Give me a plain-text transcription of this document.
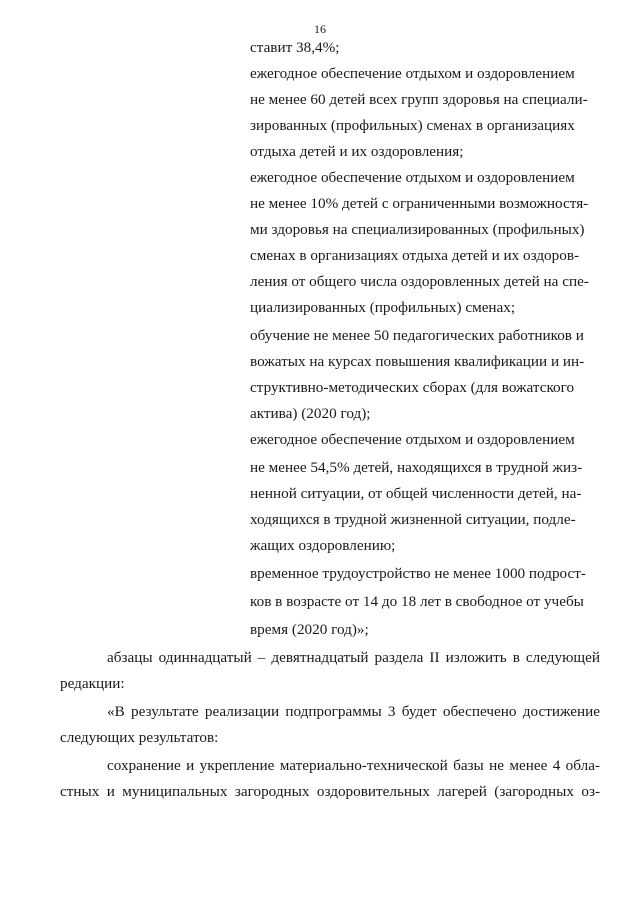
16
ставит 38,4%;
ежегодное обеспечение отдыхом и оздоровлением
не менее 60 детей всех групп здоровья на специали-
зированных (профильных) сменах в организациях
отдыха детей и их оздоровления;
ежегодное обеспечение отдыхом и оздоровлением
не менее 10% детей с ограниченными возможностя-
ми здоровья на специализированных (профильных)
сменах в организациях отдыха детей и их оздоров-
ления от общего числа оздоровленных детей на спе-
циализированных (профильных) сменах;
обучение не менее 50 педагогических работников и
вожатых на курсах повышения квалификации и ин-
структивно-методических сборах (для вожатского
актива) (2020 год);
ежегодное обеспечение отдыхом и оздоровлением
не менее 54,5% детей, находящихся в трудной жиз-
ненной ситуации, от общей численности детей, на-
ходящихся в трудной жизненной ситуации, подле-
жащих оздоровлению;
временное трудоустройство не менее 1000 подрост-
ков в возрасте от 14 до 18 лет в свободное от учебы
время (2020 год)»;
абзацы одиннадцатый – девятнадцатый раздела II изложить в следующей
редакции:
«В результате реализации подпрограммы 3 будет обеспечено достижение
следующих результатов:
сохранение и укрепление материально-технической базы не менее 4 обла-
стных и муниципальных загородных оздоровительных лагерей (загородных оз-
